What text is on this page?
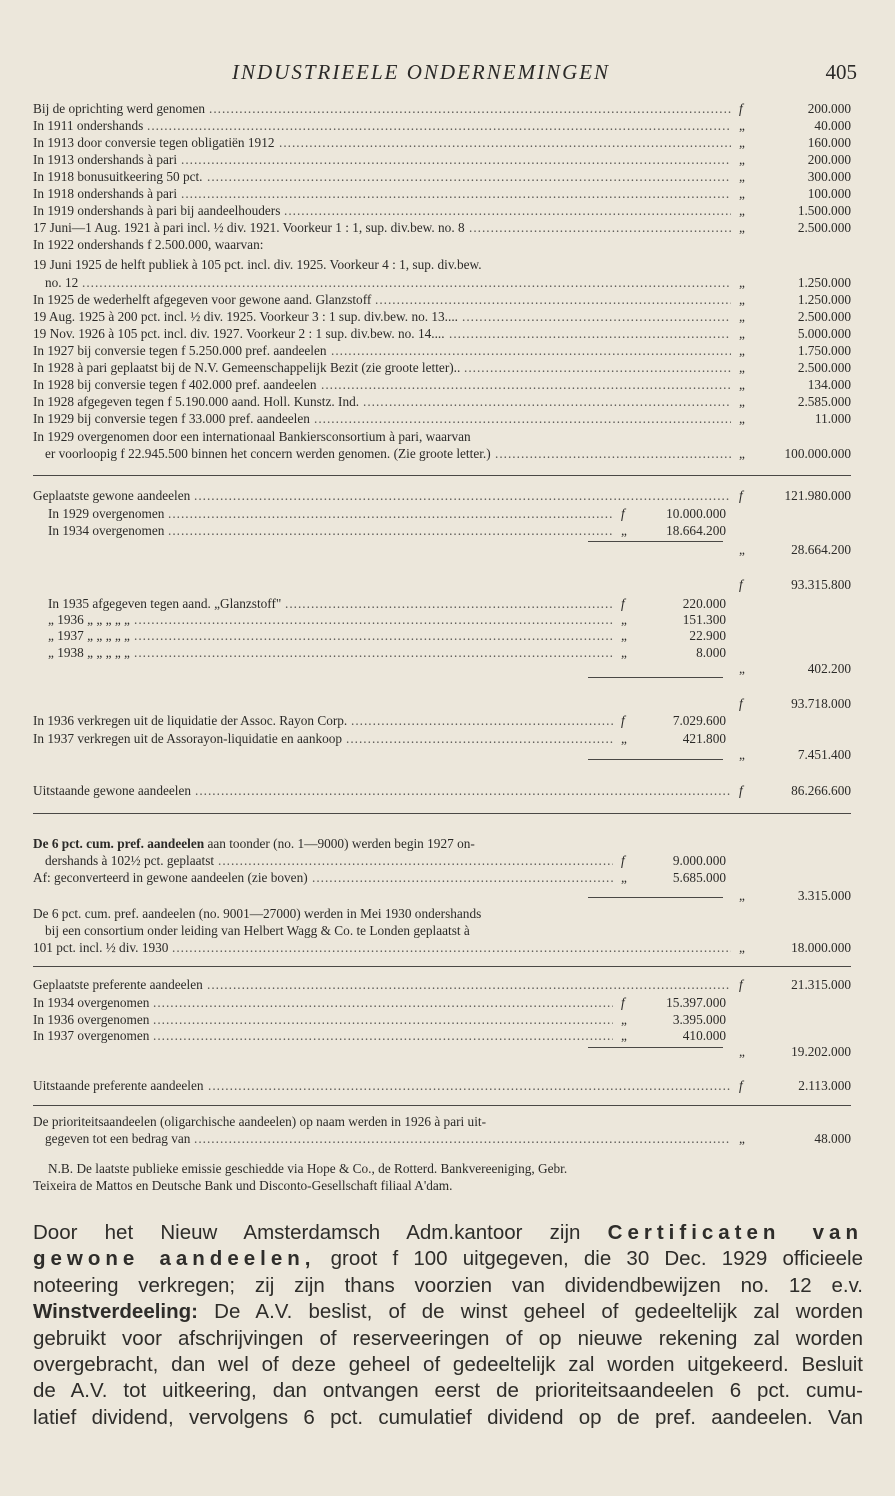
INDUSTRIEELE ONDERNEMINGEN	405
Bij de oprichting werd genomen .....	f	200.000
In 1911 ondershands .....	„	40.000
In 1913 door conversie tegen obligatiën 1912 .....	„	160.000
In 1913 ondershands à pari .....	„	200.000
In 1918 bonusuitkeering 50 pct. .....	„	300.000
In 1918 ondershands à pari .....	„	100.000
In 1919 ondershands à pari bij aandeelhouders .....	„	1.500.000
17 Juni—1 Aug. 1921 à pari incl. ½ div. 1921. Voorkeur 1 : 1, sup. div.bew. no. 8 .....	„	2.500.000
In 1922 ondershands f 2.500.000, waarvan:
19 Juni 1925 de helft publiek à 105 pct. incl. div. 1925. Voorkeur 4 : 1, sup. div.bew.
no. 12 .....	„	1.250.000
In 1925 de wederhelft afgegeven voor gewone aand. Glanzstoff .....	„	1.250.000
19 Aug. 1925 à 200 pct. incl. ½ div. 1925. Voorkeur 3 : 1 sup. div.bew. no. 13.... .....	„	2.500.000
19 Nov. 1926 à 105 pct. incl. div. 1927. Voorkeur 2 : 1 sup. div.bew. no. 14.... .....	„	5.000.000
In 1927 bij conversie tegen f 5.250.000 pref. aandeelen .....	„	1.750.000
In 1928 à pari geplaatst bij de N.V. Gemeenschappelijk Bezit (zie groote letter).. .....	„	2.500.000
In 1928 bij conversie tegen f 402.000 pref. aandeelen .....	„	134.000
In 1928 afgegeven tegen f 5.190.000 aand. Holl. Kunstz. Ind. .....	„	2.585.000
In 1929 bij conversie tegen f 33.000 pref. aandeelen .....	„	11.000
In 1929 overgenomen door een internationaal Bankiersconsortium à pari, waarvan
er voorloopig f 22.945.500 binnen het concern werden genomen. (Zie groote letter.) .....	„	100.000.000
Geplaatste gewone aandeelen .....	f	121.980.000
In 1929 overgenomen .....	f	10.000.000
In 1934 overgenomen .....	„	18.664.200
„	28.664.200
f	93.315.800
In 1935 afgegeven tegen aand. „Glanzstoff" .....	f	220.000
„ 1936 „ „ „ „ „ .....	„	151.300
„ 1937 „ „ „ „ „ .....	„	22.900
„ 1938 „ „ „ „ „ .....	„	8.000
„	402.200
f	93.718.000
In 1936 verkregen uit de liquidatie der Assoc. Rayon Corp. .....	f	7.029.600
In 1937 verkregen uit de Assorayon-liquidatie en aankoop .....	„	421.800
„	7.451.400
Uitstaande gewone aandeelen .....	f	86.266.600
De 6 pct. cum. pref. aandeelen aan toonder (no. 1—9000) werden begin 1927 on-
dershands à 102½ pct. geplaatst .....	f	9.000.000
Af: geconverteerd in gewone aandeelen (zie boven) .....	„	5.685.000
„	3.315.000
De 6 pct. cum. pref. aandeelen (no. 9001—27000) werden in Mei 1930 ondershands
bij een consortium onder leiding van Helbert Wagg & Co. te Londen geplaatst à
101 pct. incl. ½ div. 1930 .....	„	18.000.000
Geplaatste preferente aandeelen .....	f	21.315.000
In 1934 overgenomen .....	f	15.397.000
In 1936 overgenomen .....	„	3.395.000
In 1937 overgenomen .....	„	410.000
„	19.202.000
Uitstaande preferente aandeelen .....	f	2.113.000
De prioriteitsaandeelen (oligarchische aandeelen) op naam werden in 1926 à pari uit-
gegeven tot een bedrag van .....	„	48.000
N.B. De laatste publieke emissie geschiedde via Hope & Co., de Rotterd. Bankvereeniging, Gebr.
Teixeira de Mattos en Deutsche Bank und Disconto-Gesellschaft filiaal A'dam.
Door het Nieuw Amsterdamsch Adm.kantoor zijn Certificaten van
gewone aandeelen, groot f 100 uitgegeven, die 30 Dec. 1929 officieele
noteering verkregen; zij zijn thans voorzien van dividendbewijzen no. 12 e.v.
Winstverdeeling: De A.V. beslist, of de winst geheel of gedeeltelijk zal worden
gebruikt voor afschrijvingen of reserveeringen of op nieuwe rekening zal worden
overgebracht, dan wel of deze geheel of gedeeltelijk zal worden uitgekeerd. Besluit
de A.V. tot uitkeering, dan ontvangen eerst de prioriteitsaandeelen 6 pct. cumu-
latief dividend, vervolgens 6 pct. cumulatief dividend op de pref. aandeelen. Van
